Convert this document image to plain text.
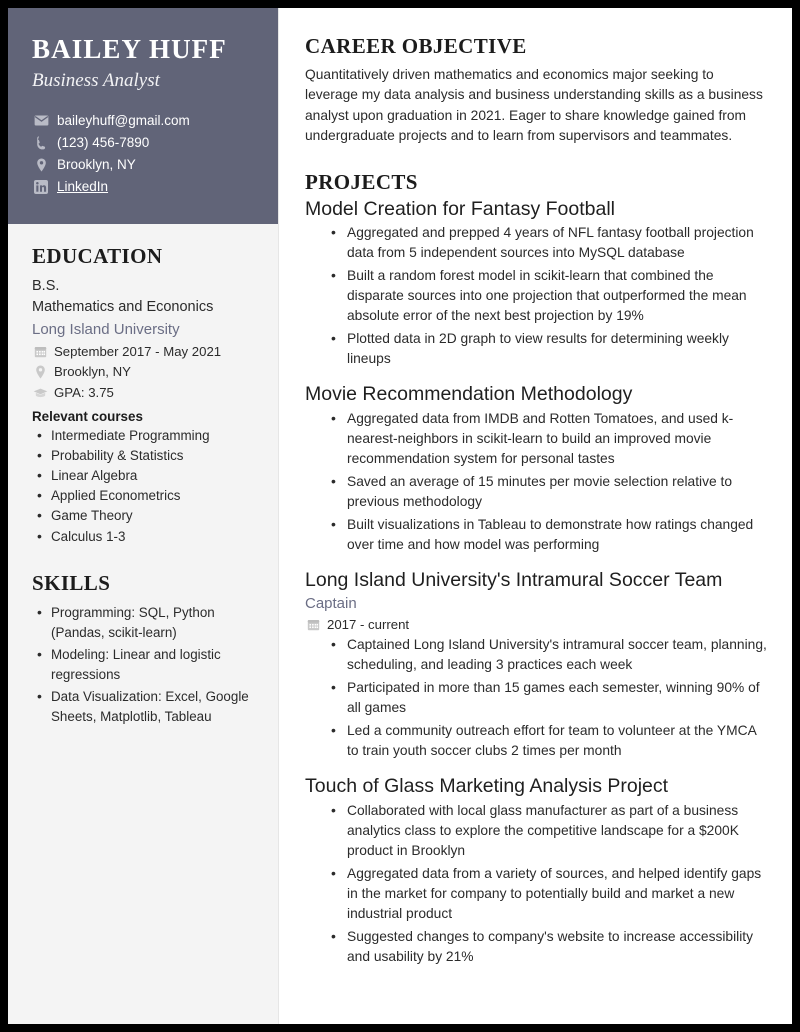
BAILEY HUFF
Business Analyst
baileyhuff@gmail.com
(123) 456-7890
Brooklyn, NY
LinkedIn
EDUCATION
B.S.
Mathematics and Econonics
Long Island University
September 2017 - May 2021
Brooklyn, NY
GPA: 3.75
Relevant courses
• Intermediate Programming
• Probability & Statistics
• Linear Algebra
• Applied Econometrics
• Game Theory
• Calculus 1-3
SKILLS
• Programming: SQL, Python (Pandas, scikit-learn)
• Modeling: Linear and logistic regressions
• Data Visualization: Excel, Google Sheets, Matplotlib, Tableau
CAREER OBJECTIVE

Quantitatively driven mathematics and economics major seeking to leverage my data analysis and business understanding skills as a business analyst upon graduation in 2021. Eager to share knowledge gained from undergraduate projects and to learn from supervisors and teammates.

PROJECTS
Model Creation for Fantasy Football
• Aggregated and prepped 4 years of NFL fantasy football projection data from 5 independent sources into MySQL database
• Built a random forest model in scikit-learn that combined the disparate sources into one projection that outperformed the mean absolute error of the next best projection by 19%
• Plotted data in 2D graph to view results for determining weekly lineups
Movie Recommendation Methodology
• Aggregated data from IMDB and Rotten Tomatoes, and used k-nearest-neighbors in scikit-learn to build an improved movie recommendation system for personal tastes
• Saved an average of 15 minutes per movie selection relative to previous methodology
• Built visualizations in Tableau to demonstrate how ratings changed over time and how model was performing
Long Island University's Intramural Soccer Team
Captain
2017 - current
• Captained Long Island University's intramural soccer team, planning, scheduling, and leading 3 practices each week
• Participated in more than 15 games each semester, winning 90% of all games
• Led a community outreach effort for team to volunteer at the YMCA to train youth soccer clubs 2 times per month
Touch of Glass Marketing Analysis Project
• Collaborated with local glass manufacturer as part of a business analytics class to explore the competitive landscape for a $200K product in Brooklyn
• Aggregated data from a variety of sources, and helped identify gaps in the market for company to potentially build and market a new industrial product
• Suggested changes to company's website to increase accessibility and usability by 21%
